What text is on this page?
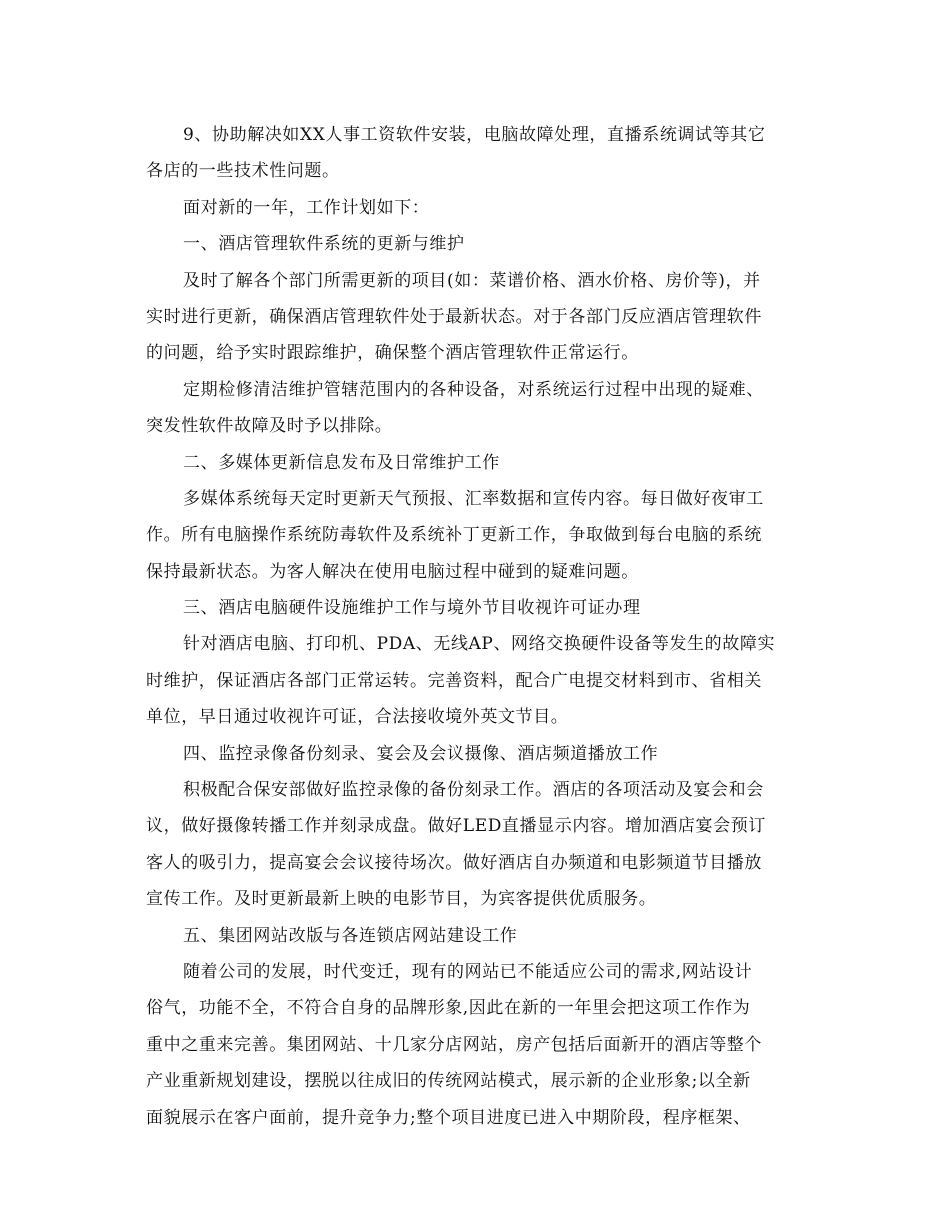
9、协助解决如XX人事工资软件安装，电脑故障处理，直播系统调试等其它
各店的一些技术性问题。
面对新的一年，工作计划如下：
一、酒店管理软件系统的更新与维护
及时了解各个部门所需更新的项目(如：菜谱价格、酒水价格、房价等)，并
实时进行更新，确保酒店管理软件处于最新状态。对于各部门反应酒店管理软件
的问题，给予实时跟踪维护，确保整个酒店管理软件正常运行。
定期检修清洁维护管辖范围内的各种设备，对系统运行过程中出现的疑难、
突发性软件故障及时予以排除。
二、多媒体更新信息发布及日常维护工作
多媒体系统每天定时更新天气预报、汇率数据和宣传内容。每日做好夜审工
作。所有电脑操作系统防毒软件及系统补丁更新工作，争取做到每台电脑的系统
保持最新状态。为客人解决在使用电脑过程中碰到的疑难问题。
三、酒店电脑硬件设施维护工作与境外节目收视许可证办理
针对酒店电脑、打印机、PDA、无线AP、网络交换硬件设备等发生的故障实
时维护，保证酒店各部门正常运转。完善资料，配合广电提交材料到市、省相关
单位，早日通过收视许可证，合法接收境外英文节目。
四、监控录像备份刻录、宴会及会议摄像、酒店频道播放工作
积极配合保安部做好监控录像的备份刻录工作。酒店的各项活动及宴会和会
议，做好摄像转播工作并刻录成盘。做好LED直播显示内容。增加酒店宴会预订
客人的吸引力，提高宴会会议接待场次。做好酒店自办频道和电影频道节目播放
宣传工作。及时更新最新上映的电影节目，为宾客提供优质服务。
五、集团网站改版与各连锁店网站建设工作
随着公司的发展，时代变迁，现有的网站已不能适应公司的需求,网站设计
俗气，功能不全，不符合自身的品牌形象,因此在新的一年里会把这项工作作为
重中之重来完善。集团网站、十几家分店网站，房产包括后面新开的酒店等整个
产业重新规划建设，摆脱以往成旧的传统网站模式，展示新的企业形象;以全新
面貌展示在客户面前，提升竞争力;整个项目进度已进入中期阶段，程序框架、
